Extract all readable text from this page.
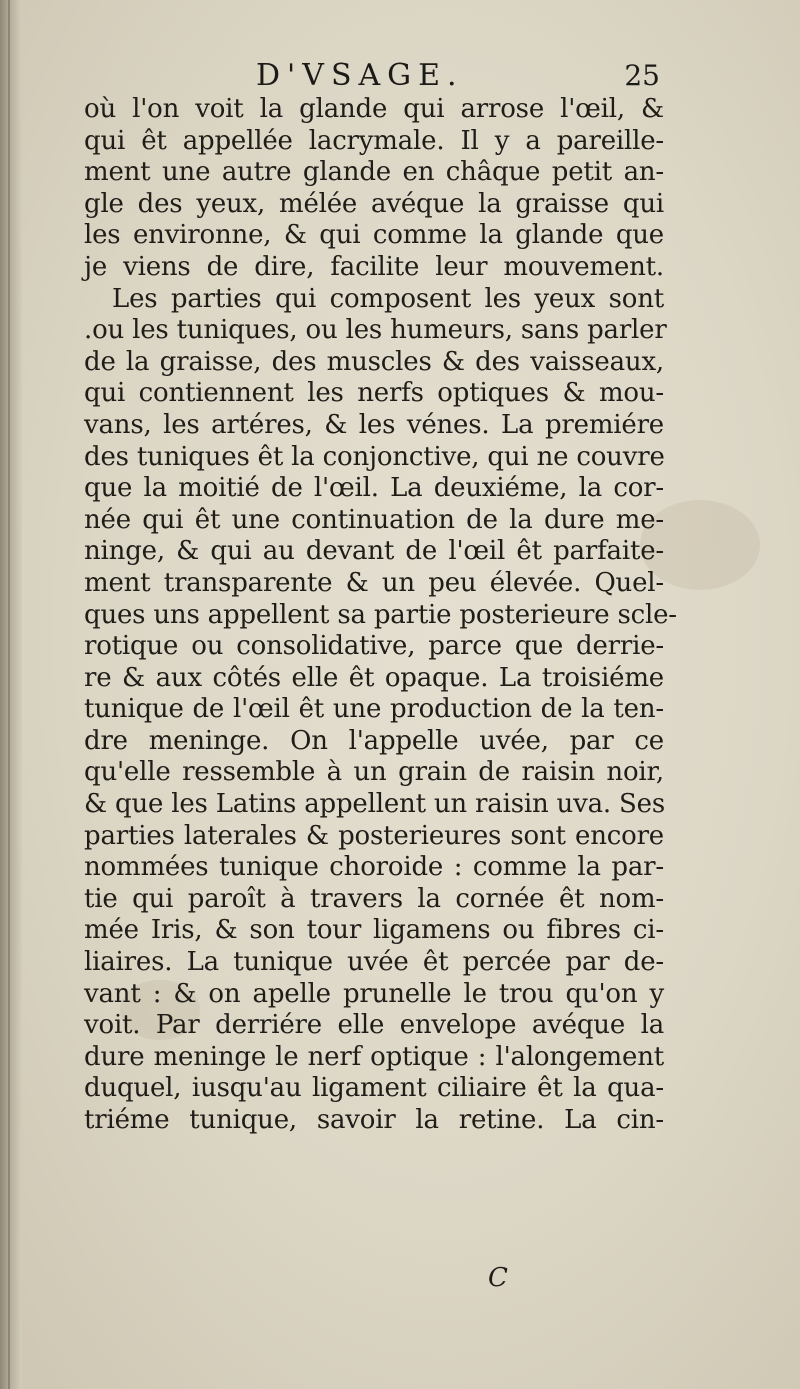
D'VSAGE.	25
où l'on voit la glande qui arrose l'œil, &
qui êt appellée lacrymale. Il y a pareille-
ment une autre glande en châque petit an-
gle des yeux, mélée avéque la graisse qui
les environne, & qui comme la glande que
je viens de dire, facilite leur mouvement.
Les parties qui composent les yeux sont
.ou les tuniques, ou les humeurs, sans parler
de la graisse, des muscles & des vaisseaux,
qui contiennent les nerfs optiques & mou-
vans, les artéres, & les vénes. La premiére
des tuniques êt la conjonctive, qui ne couvre
que la moitié de l'œil. La deuxiéme, la cor-
née qui êt une continuation de la dure me-
ninge, & qui au devant de l'œil êt parfaite-
ment transparente & un peu élevée. Quel-
ques uns appellent sa partie posterieure scle-
rotique ou consolidative, parce que derrie-
re & aux côtés elle êt opaque. La troisiéme
tunique de l'œil êt une production de la ten-
dre meninge. On l'appelle uvée, par ce
qu'elle ressemble à un grain de raisin noir,
& que les Latins appellent un raisin uva. Ses
parties laterales & posterieures sont encore
nommées tunique choroide : comme la par-
tie qui paroît à travers la cornée êt nom-
mée Iris, & son tour ligamens ou fibres ci-
liaires. La tunique uvée êt percée par de-
vant : & on apelle prunelle le trou qu'on y
voit. Par derriére elle envelope avéque la
dure meninge le nerf optique : l'alongement
duquel, iusqu'au ligament ciliaire êt la qua-
triéme tunique, savoir la retine. La cin-
C
